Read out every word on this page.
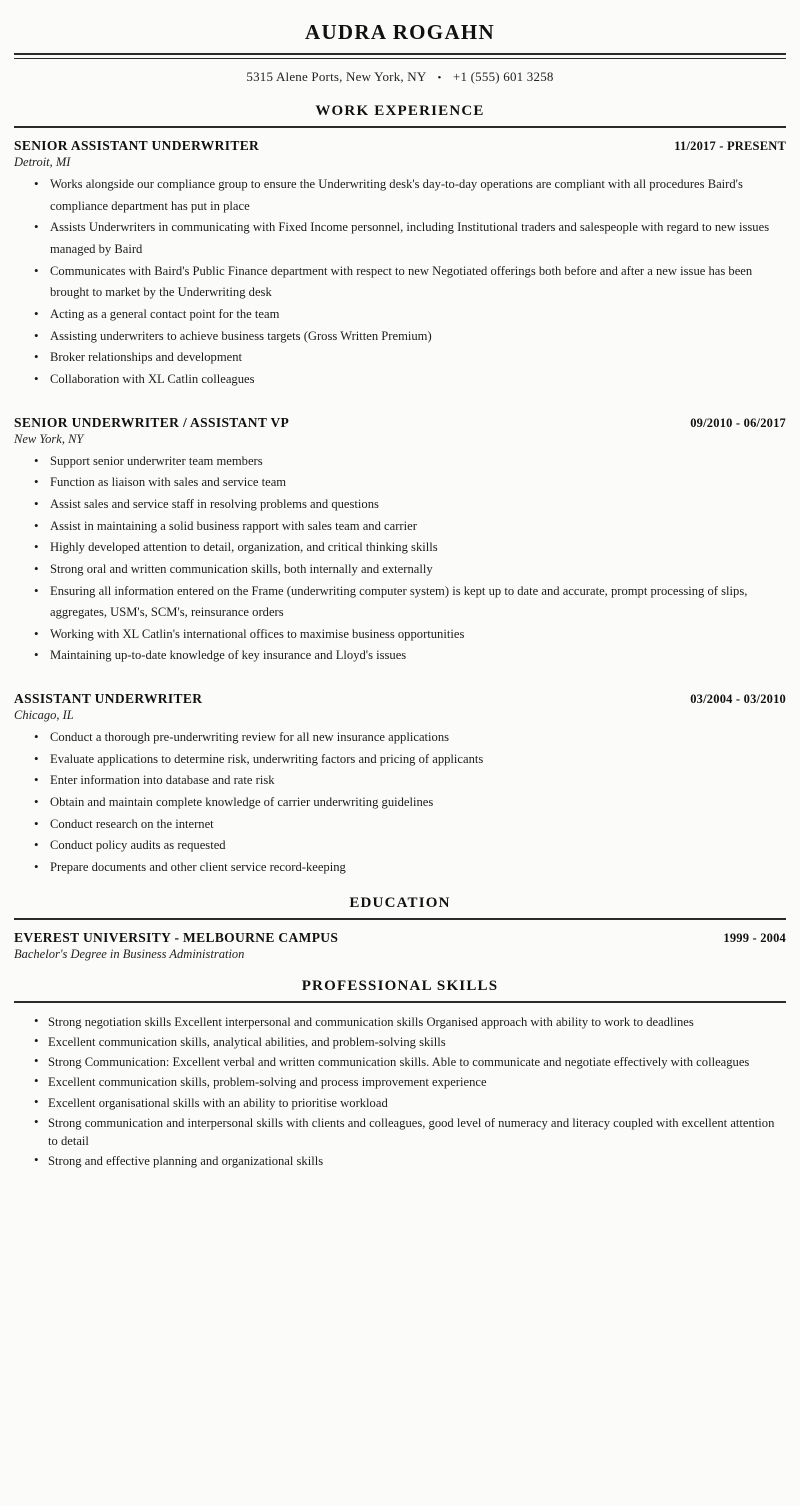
AUDRA ROGAHN
5315 Alene Ports, New York, NY • +1 (555) 601 3258
WORK EXPERIENCE
SENIOR ASSISTANT UNDERWRITER	11/2017 - PRESENT
Detroit, MI
• Works alongside our compliance group to ensure the Underwriting desk's day-to-day operations are compliant with all procedures Baird's compliance department has put in place
• Assists Underwriters in communicating with Fixed Income personnel, including Institutional traders and salespeople with regard to new issues managed by Baird
• Communicates with Baird's Public Finance department with respect to new Negotiated offerings both before and after a new issue has been brought to market by the Underwriting desk
• Acting as a general contact point for the team
• Assisting underwriters to achieve business targets (Gross Written Premium)
• Broker relationships and development
• Collaboration with XL Catlin colleagues
SENIOR UNDERWRITER / ASSISTANT VP	09/2010 - 06/2017
New York, NY
• Support senior underwriter team members
• Function as liaison with sales and service team
• Assist sales and service staff in resolving problems and questions
• Assist in maintaining a solid business rapport with sales team and carrier
• Highly developed attention to detail, organization, and critical thinking skills
• Strong oral and written communication skills, both internally and externally
• Ensuring all information entered on the Frame (underwriting computer system) is kept up to date and accurate, prompt processing of slips, aggregates, USM's, SCM's, reinsurance orders
• Working with XL Catlin's international offices to maximise business opportunities
• Maintaining up-to-date knowledge of key insurance and Lloyd's issues
ASSISTANT UNDERWRITER	03/2004 - 03/2010
Chicago, IL
• Conduct a thorough pre-underwriting review for all new insurance applications
• Evaluate applications to determine risk, underwriting factors and pricing of applicants
• Enter information into database and rate risk
• Obtain and maintain complete knowledge of carrier underwriting guidelines
• Conduct research on the internet
• Conduct policy audits as requested
• Prepare documents and other client service record-keeping
EDUCATION
EVEREST UNIVERSITY - MELBOURNE CAMPUS	1999 - 2004
Bachelor's Degree in Business Administration
PROFESSIONAL SKILLS
• Strong negotiation skills Excellent interpersonal and communication skills Organised approach with ability to work to deadlines
• Excellent communication skills, analytical abilities, and problem-solving skills
• Strong Communication: Excellent verbal and written communication skills. Able to communicate and negotiate effectively with colleagues
• Excellent communication skills, problem-solving and process improvement experience
• Excellent organisational skills with an ability to prioritise workload
• Strong communication and interpersonal skills with clients and colleagues, good level of numeracy and literacy coupled with excellent attention to detail
• Strong and effective planning and organizational skills
